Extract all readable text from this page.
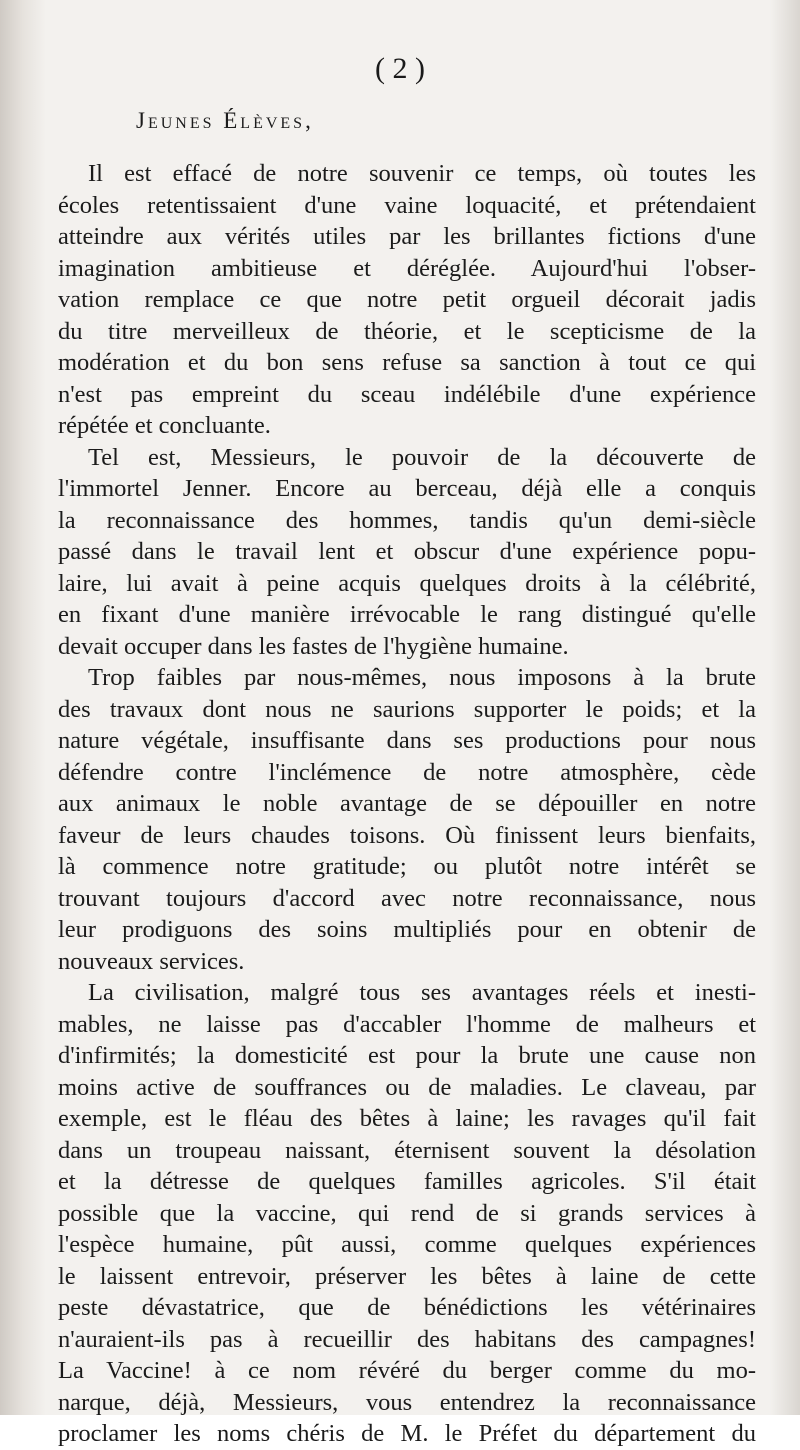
( 2 )
Jeunes Élèves,
Il est effacé de notre souvenir ce temps, où toutes les
écoles retentissaient d'une vaine loquacité, et prétendaient
atteindre aux vérités utiles par les brillantes fictions d'une
imagination ambitieuse et déréglée. Aujourd'hui l'obser-
vation remplace ce que notre petit orgueil décorait jadis
du titre merveilleux de théorie, et le scepticisme de la
modération et du bon sens refuse sa sanction à tout ce qui
n'est pas empreint du sceau indélébile d'une expérience
répétée et concluante.
Tel est, Messieurs, le pouvoir de la découverte de
l'immortel Jenner. Encore au berceau, déjà elle a conquis
la reconnaissance des hommes, tandis qu'un demi-siècle
passé dans le travail lent et obscur d'une expérience popu-
laire, lui avait à peine acquis quelques droits à la célébrité,
en fixant d'une manière irrévocable le rang distingué qu'elle
devait occuper dans les fastes de l'hygiène humaine.
Trop faibles par nous-mêmes, nous imposons à la brute
des travaux dont nous ne saurions supporter le poids; et la
nature végétale, insuffisante dans ses productions pour nous
défendre contre l'inclémence de notre atmosphère, cède
aux animaux le noble avantage de se dépouiller en notre
faveur de leurs chaudes toisons. Où finissent leurs bienfaits,
là commence notre gratitude; ou plutôt notre intérêt se
trouvant toujours d'accord avec notre reconnaissance, nous
leur prodiguons des soins multipliés pour en obtenir de
nouveaux services.
La civilisation, malgré tous ses avantages réels et inesti-
mables, ne laisse pas d'accabler l'homme de malheurs et
d'infirmités; la domesticité est pour la brute une cause non
moins active de souffrances ou de maladies. Le claveau, par
exemple, est le fléau des bêtes à laine; les ravages qu'il fait
dans un troupeau naissant, éternisent souvent la désolation
et la détresse de quelques familles agricoles. S'il était
possible que la vaccine, qui rend de si grands services à
l'espèce humaine, pût aussi, comme quelques expériences
le laissent entrevoir, préserver les bêtes à laine de cette
peste dévastatrice, que de bénédictions les vétérinaires
n'auraient-ils pas à recueillir des habitans des campagnes!
La Vaccine! à ce nom révéré du berger comme du mo-
narque, déjà, Messieurs, vous entendrez la reconnaissance
proclamer les noms chéris de M. le Préfet du département du
